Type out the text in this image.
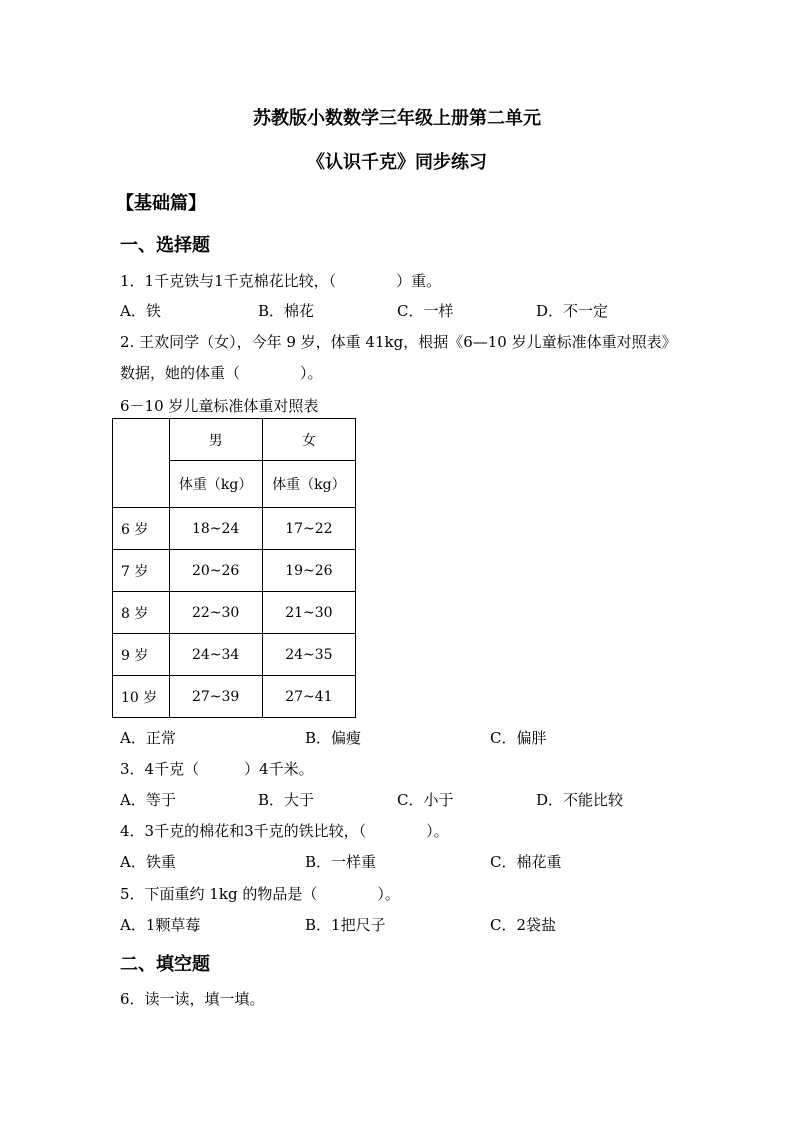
苏教版小数数学三年级上册第二单元
《认识千克》同步练习
【基础篇】
一、选择题
1．1千克铁与1千克棉花比较，（　　　　）重。
A．铁	B．棉花	C．一样	D．不一定
2. 王欢同学（女），今年 9 岁，体重 41kg，根据《6—10 岁儿童标准体重对照表》
数据，她的体重（　　　　）。
6－10 岁儿童标准体重对照表
	男	女
	体重（kg）	体重（kg）
6 岁	18~24	17~22
7 岁	20~26	19~26
8 岁	22~30	21~30
9 岁	24~34	24~35
10 岁	27~39	27~41
A．正常	B．偏瘦	C．偏胖
3．4千克（　　　）4千米。
A．等于	B．大于	C．小于	D．不能比较
4．3千克的棉花和3千克的铁比较，（　　　　）。
A．铁重	B．一样重	C．棉花重
5．下面重约 1kg 的物品是（　　　　）。
A．1颗草莓	B．1把尺子	C．2袋盐
二、填空题
6．读一读，填一填。
